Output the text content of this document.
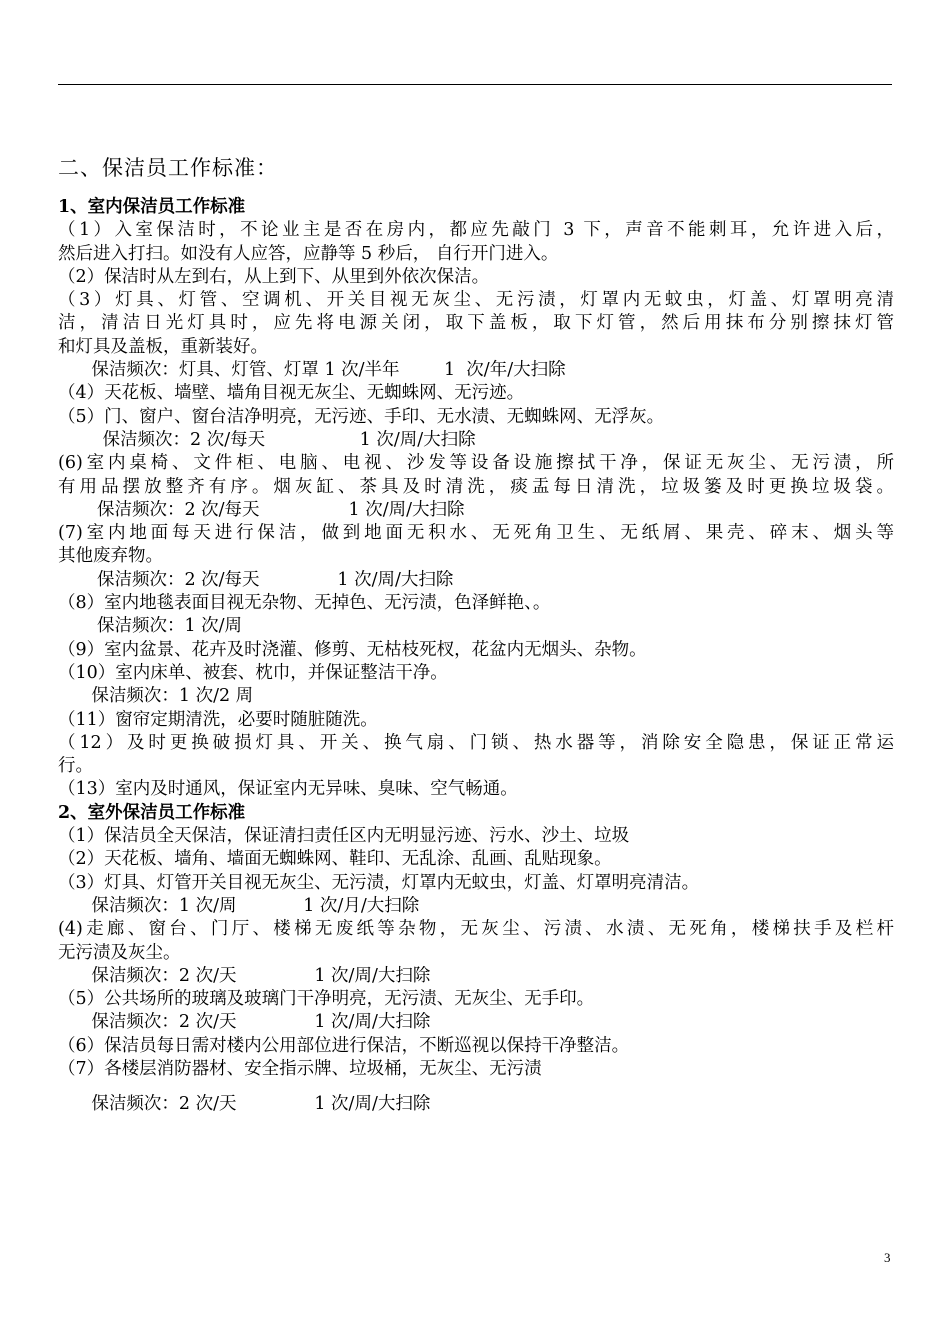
二、保洁员工作标准：
1、室内保洁员工作标准
（1）入室保洁时，不论业主是否在房内，都应先敲门 3 下，声音不能刺耳，允许进入后，
然后进入打扫。如没有人应答，应静等 5 秒后， 自行开门进入。
（2）保洁时从左到右，从上到下、从里到外依次保洁。
（3）灯具、灯管、空调机、开关目视无灰尘、无污渍，灯罩内无蚊虫，灯盖、灯罩明亮清
洁，清洁日光灯具时，应先将电源关闭，取下盖板，取下灯管，然后用抹布分别擦抹灯管
和灯具及盖板，重新装好。
保洁频次：灯具、灯管、灯罩 1 次/半年        1  次/年/大扫除
（4）天花板、墙壁、墙角目视无灰尘、无蜘蛛网、无污迹。
（5）门、窗户、窗台洁净明亮，无污迹、手印、无水渍、无蜘蛛网、无浮灰。
保洁频次：2 次/每天                 1 次/周/大扫除
(6)室内桌椅、文件柜、电脑、电视、沙发等设备设施擦拭干净，保证无灰尘、无污渍，所
有用品摆放整齐有序。烟灰缸、茶具及时清洗，痰盂每日清洗，垃圾篓及时更换垃圾袋。
保洁频次：2 次/每天                1 次/周/大扫除
(7)室内地面每天进行保洁，做到地面无积水、无死角卫生、无纸屑、果壳、碎末、烟头等
其他废弃物。
保洁频次：2 次/每天              1 次/周/大扫除
（8）室内地毯表面目视无杂物、无掉色、无污渍，色泽鲜艳、。
保洁频次：1 次/周
（9）室内盆景、花卉及时浇灌、修剪、无枯枝死杈，花盆内无烟头、杂物。
（10）室内床单、被套、枕巾，并保证整洁干净。
保洁频次：1 次/2 周
（11）窗帘定期清洗，必要时随脏随洗。
（12）及时更换破损灯具、开关、换气扇、门锁、热水器等，消除安全隐患，保证正常运
行。
（13）室内及时通风，保证室内无异味、臭味、空气畅通。
2、室外保洁员工作标准
（1）保洁员全天保洁，保证清扫责任区内无明显污迹、污水、沙土、垃圾
（2）天花板、墙角、墙面无蜘蛛网、鞋印、无乱涂、乱画、乱贴现象。
（3）灯具、灯管开关目视无灰尘、无污渍，灯罩内无蚊虫，灯盖、灯罩明亮清洁。
保洁频次：1 次/周            1 次/月/大扫除
(4)走廊、窗台、门厅、楼梯无废纸等杂物，无灰尘、污渍、水渍、无死角，楼梯扶手及栏杆
无污渍及灰尘。
保洁频次：2 次/天              1 次/周/大扫除
（5）公共场所的玻璃及玻璃门干净明亮，无污渍、无灰尘、无手印。
保洁频次：2 次/天              1 次/周/大扫除
（6）保洁员每日需对楼内公用部位进行保洁，不断巡视以保持干净整洁。
（7）各楼层消防器材、安全指示牌、垃圾桶，无灰尘、无污渍
保洁频次：2 次/天              1 次/周/大扫除
3
